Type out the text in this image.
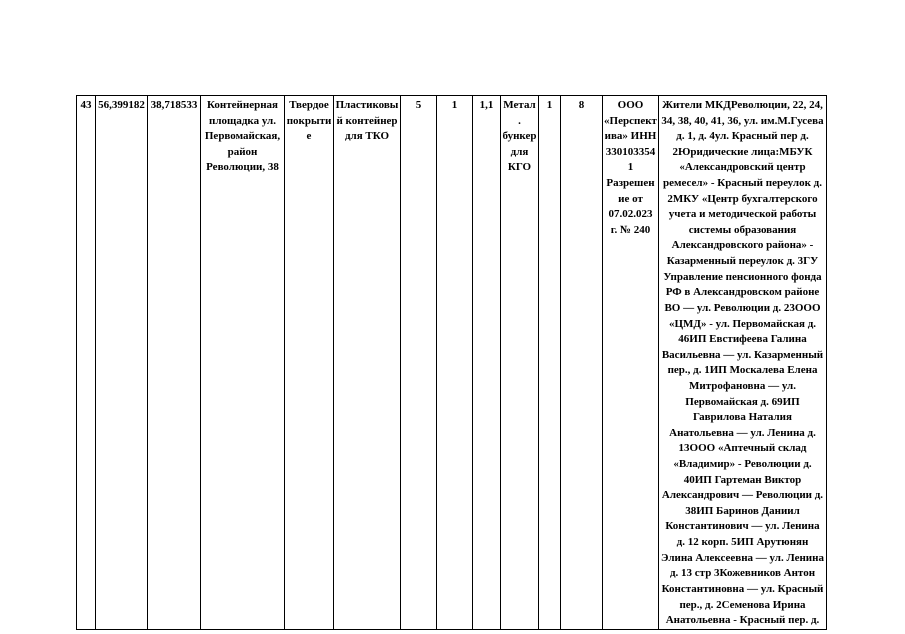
43	56,399182	38,718533	Контейнерная площадка ул. Первомайская, район Революции, 38	Твердое покрытие	Пластиковый контейнер для ТКО	5	1	1,1	Метал. бункер для КГО	1	8	ООО «Перспектива» ИНН 3301033541 Разрешение от 07.02.023 г. № 240	Жители МКДРеволюции, 22, 24, 34, 38, 40, 41, 36, ул. им.М.Гусева д. 1, д. 4ул. Красный пер д. 2Юридические лица:МБУК «Александровский центр ремесел» - Красный переулок д. 2МКУ «Центр бухгалтерского учета и методической работы системы образования Александровского района» - Казарменный переулок д. 3ГУ Управление пенсионного фонда РФ в Александровском районе ВО — ул. Революции д. 23ООО «ЦМД» - ул. Первомайская д. 46ИП Евстифеева Галина Васильевна — ул. Казарменный пер., д. 1ИП Москалева Елена Митрофановна — ул. Первомайская д. 69ИП Гаврилова Наталия Анатольевна — ул. Ленина д. 13ООО «Аптечный склад «Владимир» - Революции д. 40ИП Гартеман Виктор Александрович — Революции д. 38ИП Баринов Даниил Константинович — ул. Ленина д. 12 корп. 5ИП Арутюнян Элина Алексеевна — ул. Ленина д. 13 стр 3Кожевников Антон Константиновна — ул. Красный пер., д. 2Семенова Ирина Анатольевна - Красный пер. д.
